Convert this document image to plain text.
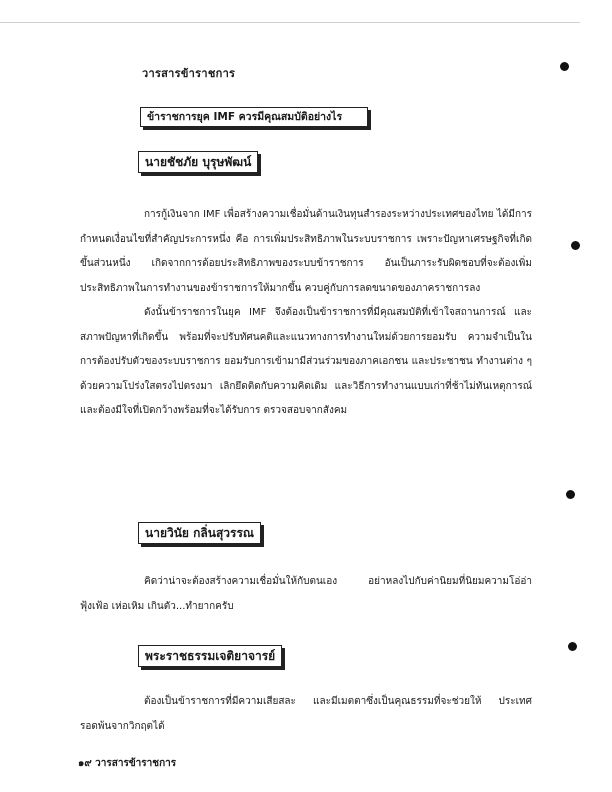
วารสารข้าราชการ
ข้าราชการยุค IMF ควรมีคุณสมบัติอย่างไร
นายชัชภัย บุรุษพัฒน์

การกู้เงินจาก IMF เพื่อสร้างความเชื่อมั่นด้านเงินทุนสำรองระหว่างประเทศของไทย ได้มีการกำหนดเงื่อนไขที่สำคัญประการหนึ่ง คือ การเพิ่มประสิทธิภาพในระบบราชการ เพราะปัญหาเศรษฐกิจที่เกิดขึ้นส่วนหนึ่ง เกิดจากการด้อยประสิทธิภาพของระบบข้าราชการ อันเป็นภาระรับผิดชอบที่จะต้องเพิ่มประสิทธิภาพในการทำงานของข้าราชการให้มากขึ้น ควบคู่กับการลดขนาดของภาคราชการลง

ดังนั้นข้าราชการในยุค IMF จึงต้องเป็นข้าราชการที่มีคุณสมบัติที่เข้าใจสถานการณ์ และสภาพปัญหาที่เกิดขึ้น พร้อมที่จะปรับทัศนคติและแนวทางการทำงานใหม่ด้วยการยอมรับ ความจำเป็นในการต้องปรับตัวของระบบราชการ ยอมรับการเข้ามามีส่วนร่วมของภาคเอกชน และประชาชน ทำงานต่าง ๆ ด้วยความโปร่งใสตรงไปตรงมา เลิกยึดติดกับความคิดเดิม และวิธีการทำงานแบบเก่าที่ช้าไม่ทันเหตุการณ์ และต้องมีใจที่เปิดกว้างพร้อมที่จะได้รับการ ตรวจสอบจากสังคม

นายวินัย กลิ่นสุวรรณ

คิดว่าน่าจะต้องสร้างความเชื่อมั่นให้กับตนเอง อย่าหลงไปกับค่านิยมที่นิยมความโอ่อ่า ฟุ้งเฟ้อ เห่อเหิม เกินตัว...ทำยากครับ

พระราชธรรมเจติยาจารย์

ต้องเป็นข้าราชการที่มีความเสียสละ และมีเมตตาซึ่งเป็นคุณธรรมที่จะช่วยให้ ประเทศรอดพ้นจากวิกฤตได้

๑๙ วารสารข้าราชการ
